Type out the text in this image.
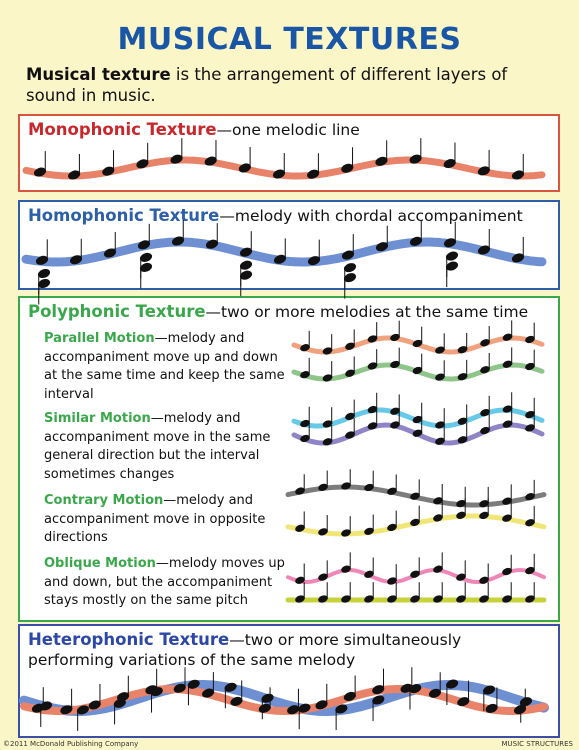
MUSICAL TEXTURES
Musical texture is the arrangement of different layers of sound in music.
Monophonic Texture—one melodic line
Homophonic Texture—melody with chordal accompaniment
Polyphonic Texture—two or more melodies at the same time
Parallel Motion—melody and accompaniment move up and down at the same time and keep the same interval
Similar Motion—melody and accompaniment move in the same general direction but the interval sometimes changes
Contrary Motion—melody and accompaniment move in opposite directions
Oblique Motion—melody moves up and down, but the accompaniment stays mostly on the same pitch
Heterophonic Texture—two or more simultaneously performing variations of the same melody
©2011 McDonald Publishing Company	MUSIC STRUCTURES
